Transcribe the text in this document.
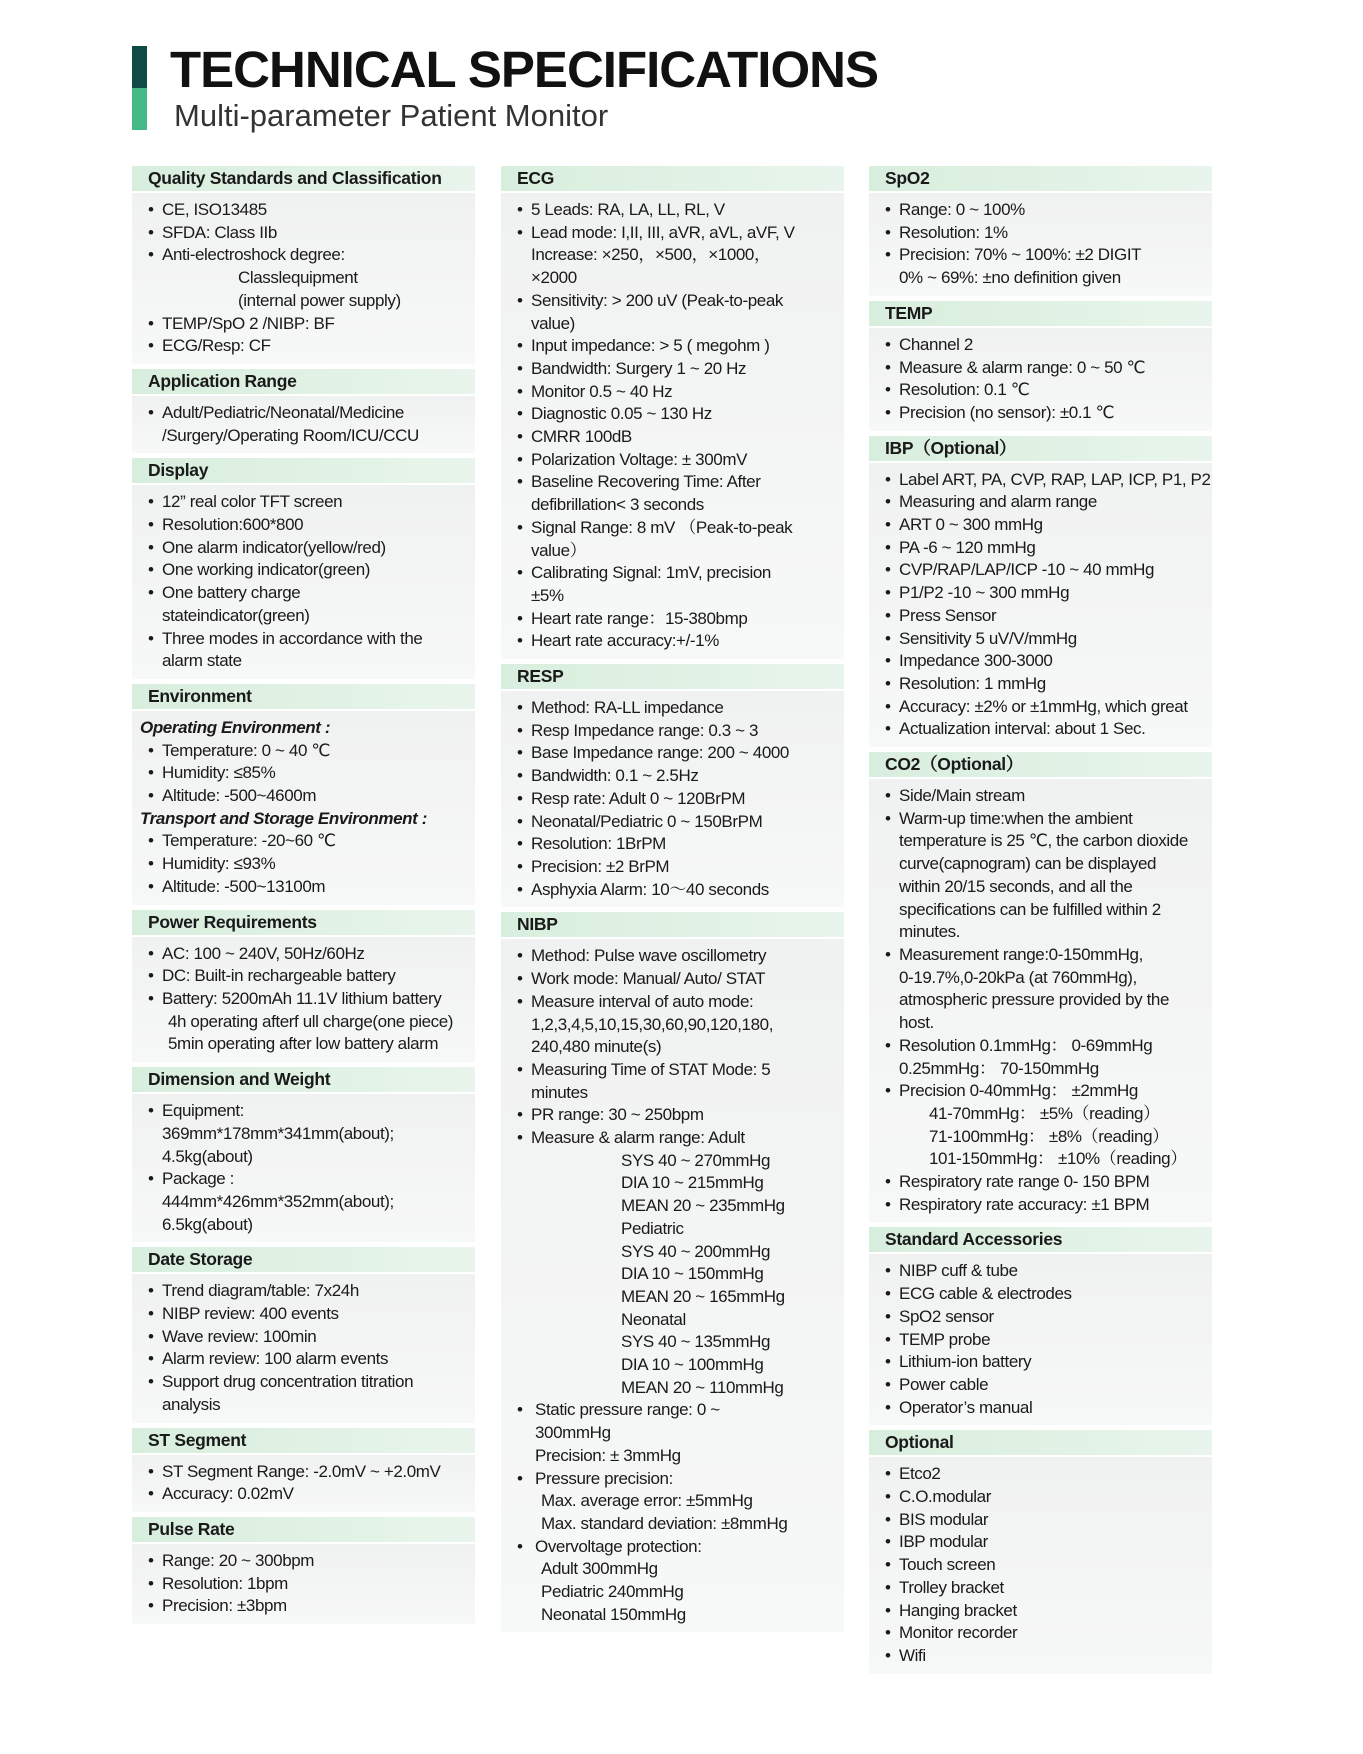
TECHNICAL SPECIFICATIONS
Multi-parameter Patient Monitor
Quality Standards and Classification
• CE, ISO13485
• SFDA: Class IIb
• Anti-electroshock degree:
Classlequipment
(internal power supply)
• TEMP/SpO 2 /NIBP: BF
• ECG/Resp: CF
Application Range
• Adult/Pediatric/Neonatal/Medicine
/Surgery/Operating Room/ICU/CCU
Display
• 12” real color TFT screen
• Resolution:600*800
• One alarm indicator(yellow/red)
• One working indicator(green)
• One battery charge
stateindicator(green)
• Three modes in accordance with the
alarm state
Environment
Operating Environment :
• Temperature: 0 ~ 40 ℃
• Humidity: ≤85%
• Altitude: -500~4600m
Transport and Storage Environment :
• Temperature: -20~60 ℃
• Humidity: ≤93%
• Altitude: -500~13100m
Power Requirements
• AC: 100 ~ 240V, 50Hz/60Hz
• DC: Built-in rechargeable battery
• Battery: 5200mAh 11.1V lithium battery
4h operating afterf ull charge(one piece)
5min operating after low battery alarm
Dimension and Weight
• Equipment:
369mm*178mm*341mm(about);
4.5kg(about)
• Package :
444mm*426mm*352mm(about);
6.5kg(about)
Date Storage
• Trend diagram/table: 7x24h
• NIBP review: 400 events
• Wave review: 100min
• Alarm review: 100 alarm events
• Support drug concentration titration
analysis
ST Segment
• ST Segment Range: -2.0mV ~ +2.0mV
• Accuracy: 0.02mV
Pulse Rate
• Range: 20 ~ 300bpm
• Resolution: 1bpm
• Precision: ±3bpm
ECG
• 5 Leads: RA, LA, LL, RL, V
• Lead mode: I,II, III, aVR, aVL, aVF, V
Increase: ×250，×500，×1000，
×2000
• Sensitivity: > 200 uV (Peak-to-peak
value)
• Input impedance: > 5 ( megohm )
• Bandwidth: Surgery 1 ~ 20 Hz
• Monitor 0.5 ~ 40 Hz
• Diagnostic 0.05 ~ 130 Hz
• CMRR 100dB
• Polarization Voltage: ± 300mV
• Baseline Recovering Time: After
defibrillation< 3 seconds
• Signal Range: 8 mV （Peak-to-peak
value）
• Calibrating Signal: 1mV, precision
±5%
• Heart rate range：15-380bmp
• Heart rate accuracy:+/-1%
RESP
• Method: RA-LL impedance
• Resp Impedance range: 0.3 ~ 3
• Base Impedance range: 200 ~ 4000
• Bandwidth: 0.1 ~ 2.5Hz
• Resp rate: Adult 0 ~ 120BrPM
• Neonatal/Pediatric 0 ~ 150BrPM
• Resolution: 1BrPM
• Precision: ±2 BrPM
• Asphyxia Alarm: 10～40 seconds
NIBP
• Method: Pulse wave oscillometry
• Work mode: Manual/ Auto/ STAT
• Measure interval of auto mode:
1,2,3,4,5,10,15,30,60,90,120,180,
240,480 minute(s)
• Measuring Time of STAT Mode: 5
minutes
• PR range: 30 ~ 250bpm
• Measure & alarm range: Adult
SYS 40 ~ 270mmHg
DIA 10 ~ 215mmHg
MEAN 20 ~ 235mmHg
Pediatric
SYS 40 ~ 200mmHg
DIA 10 ~ 150mmHg
MEAN 20 ~ 165mmHg
Neonatal
SYS 40 ~ 135mmHg
DIA 10 ~ 100mmHg
MEAN 20 ~ 110mmHg
• Static pressure range: 0 ~
300mmHg
Precision: ± 3mmHg
• Pressure precision:
Max. average error: ±5mmHg
Max. standard deviation: ±8mmHg
• Overvoltage protection:
Adult 300mmHg
Pediatric 240mmHg
Neonatal 150mmHg
SpO2
• Range: 0 ~ 100%
• Resolution: 1%
• Precision: 70% ~ 100%: ±2 DIGIT
0% ~ 69%: ±no definition given
TEMP
• Channel 2
• Measure & alarm range: 0 ~ 50 ℃
• Resolution: 0.1 ℃
• Precision (no sensor): ±0.1 ℃
IBP（Optional）
• Label ART, PA, CVP, RAP, LAP, ICP, P1, P2
• Measuring and alarm range
• ART 0 ~ 300 mmHg
• PA -6 ~ 120 mmHg
• CVP/RAP/LAP/ICP -10 ~ 40 mmHg
• P1/P2 -10 ~ 300 mmHg
• Press Sensor
• Sensitivity 5 uV/V/mmHg
• Impedance 300-3000
• Resolution: 1 mmHg
• Accuracy: ±2% or ±1mmHg, which great
• Actualization interval: about 1 Sec.
CO2（Optional）
• Side/Main stream
• Warm-up time:when the ambient
temperature is 25 ℃, the carbon dioxide
curve(capnogram) can be displayed
within 20/15 seconds, and all the
specifications can be fulfilled within 2
minutes.
• Measurement range:0-150mmHg,
0-19.7%,0-20kPa (at 760mmHg),
atmospheric pressure provided by the
host.
• Resolution 0.1mmHg： 0-69mmHg
0.25mmHg： 70-150mmHg
• Precision 0-40mmHg： ±2mmHg
41-70mmHg： ±5%（reading）
71-100mmHg： ±8%（reading）
101-150mmHg： ±10%（reading）
• Respiratory rate range 0- 150 BPM
• Respiratory rate accuracy: ±1 BPM
Standard Accessories
• NIBP cuff & tube
• ECG cable & electrodes
• SpO2 sensor
• TEMP probe
• Lithium-ion battery
• Power cable
• Operator’s manual
Optional
• Etco2
• C.O.modular
• BIS modular
• IBP modular
• Touch screen
• Trolley bracket
• Hanging bracket
• Monitor recorder
• Wifi
